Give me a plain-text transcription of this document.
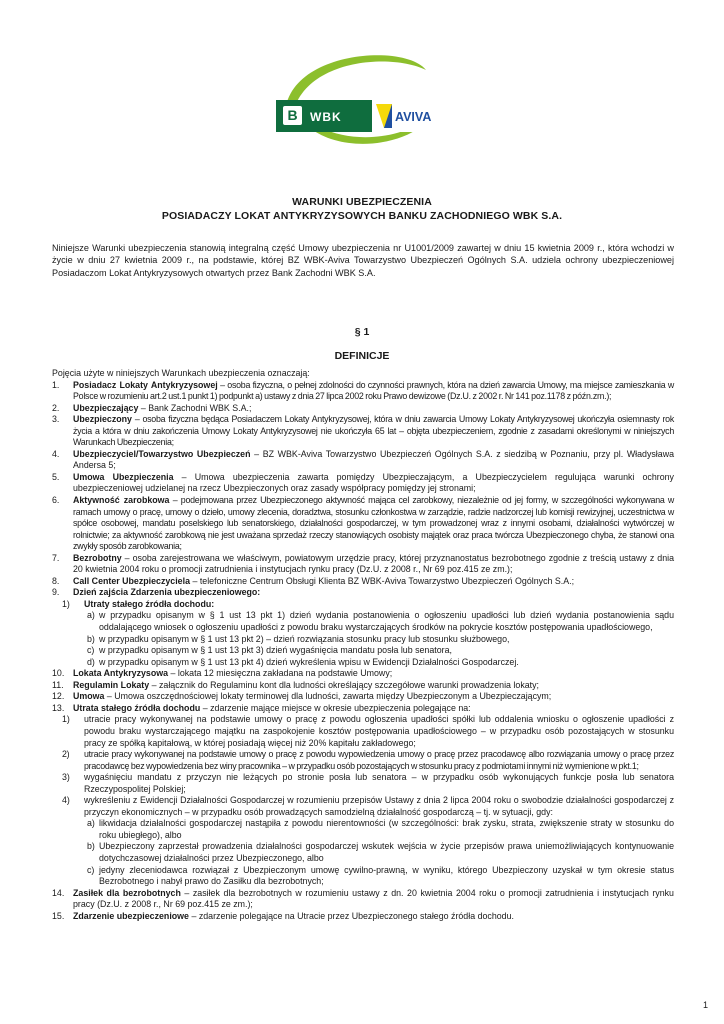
B WBK	AVIVA
WARUNKI UBEZPIECZENIA
POSIADACZY LOKAT ANTYKRYZYSOWYCH BANKU ZACHODNIEGO WBK S.A.

Niniejsze Warunki ubezpieczenia stanowią integralną część Umowy ubezpieczenia nr U1001/2009 zawartej w dniu 15 kwietnia 2009 r., która wchodzi w życie w dniu 27 kwietnia 2009 r., na podstawie, której BZ WBK-Aviva Towarzystwo Ubezpieczeń Ogólnych S.A. udziela ochrony ubezpieczeniowej Posiadaczom Lokat Antykryzysowych otwartych przez Bank Zachodni WBK S.A.

§ 1
DEFINICJE
Pojęcia użyte w niniejszych Warunkach ubezpieczenia oznaczają:
1. Posiadacz Lokaty Antykryzysowej – osoba fizyczna, o pełnej zdolności do czynności prawnych, która na dzień zawarcia Umowy, ma miejsce zamieszkania w Polsce w rozumieniu art.2 ust.1 punkt 1) podpunkt a) ustawy z dnia 27 lipca 2002 roku Prawo dewizowe (Dz.U. z 2002 r. Nr 141 poz.1178 z późn.zm.);
2. Ubezpieczający – Bank Zachodni WBK S.A.;
3. Ubezpieczony – osoba fizyczna będąca Posiadaczem Lokaty Antykryzysowej, która w dniu zawarcia Umowy Lokaty Antykryzysowej ukończyła osiemnasty rok życia a która w dniu zakończenia Umowy Lokaty Antykryzysowej nie ukończyła 65 lat – objęta ubezpieczeniem, zgodnie z zasadami określonymi w niniejszych Warunkach Ubezpieczenia;
4. Ubezpieczyciel/Towarzystwo Ubezpieczeń – BZ WBK-Aviva Towarzystwo Ubezpieczeń Ogólnych S.A. z siedzibą w Poznaniu, przy pl. Władysława Andersa 5;
5. Umowa Ubezpieczenia – Umowa ubezpieczenia zawarta pomiędzy Ubezpieczającym, a Ubezpieczycielem regulująca warunki ochrony ubezpieczeniowej udzielanej na rzecz Ubezpieczonych oraz zasady współpracy pomiędzy jej stronami;
6. Aktywność zarobkowa – podejmowana przez Ubezpieczonego aktywność mająca cel zarobkowy, niezależnie od jej formy, w szczególności wykonywana w ramach umowy o pracę, umowy o dzieło, umowy zlecenia, doradztwa, stosunku członkostwa w zarządzie, radzie nadzorczej lub komisji rewizyjnej, uczestnictwa w spółce osobowej, mandatu poselskiego lub senatorskiego, działalności gospodarczej, w tym prowadzonej wraz z innymi osobami, działalności wytwórczej w rolnictwie; za aktywność zarobkową nie jest uważana sprzedaż rzeczy stanowiących osobisty majątek oraz praca twórcza Ubezpieczonego chyba, że stanowi ona zwykły sposób zarobkowania;
7. Bezrobotny – osoba zarejestrowana we właściwym, powiatowym urzędzie pracy, której przyznanostatus bezrobotnego zgodnie z treścią ustawy z dnia 20 kwietnia 2004 roku o promocji zatrudnienia i instytucjach rynku pracy (Dz.U. z 2008 r., Nr 69 poz.415 ze zm.);
8. Call Center Ubezpieczyciela – telefoniczne Centrum Obsługi Klienta BZ WBK-Aviva Towarzystwo Ubezpieczeń Ogólnych S.A.;
9. Dzień zajścia Zdarzenia ubezpieczeniowego:
1) Utraty stałego źródła dochodu:
a) w przypadku opisanym w § 1 ust 13 pkt 1) dzień wydania postanowienia o ogłoszeniu upadłości lub dzień wydania postanowienia sądu oddalającego wniosek o ogłoszeniu upadłości z powodu braku wystarczających środków na pokrycie kosztów postępowania upadłościowego,
b) w przypadku opisanym w § 1 ust 13 pkt 2) – dzień rozwiązania stosunku pracy lub stosunku służbowego,
c) w przypadku opisanym w § 1 ust 13 pkt 3) dzień wygaśnięcia mandatu posła lub senatora,
d) w przypadku opisanym w § 1 ust 13 pkt 4) dzień wykreślenia wpisu w Ewidencji Działalności Gospodarczej.
10. Lokata Antykryzysowa – lokata 12 miesięczna zakładana na podstawie Umowy;
11. Regulamin Lokaty – załącznik do Regulaminu kont dla ludności określający szczegółowe warunki prowadzenia lokaty;
12. Umowa – Umowa oszczędnościowej lokaty terminowej dla ludności, zawarta między Ubezpieczonym a Ubezpieczającym;
13. Utrata stałego źródła dochodu – zdarzenie mające miejsce w okresie ubezpieczenia polegające na:
1) utracie pracy wykonywanej na podstawie umowy o pracę z powodu ogłoszenia upadłości spółki lub oddalenia wniosku o ogłoszenie upadłości z powodu braku wystarczającego majątku na zaspokojenie kosztów postępowania upadłościowego – w przypadku osób pozostających w stosunku pracy ze spółką kapitałową, w której posiadają więcej niż 20% kapitału zakładowego;
2) utracie pracy wykonywanej na podstawie umowy o pracę z powodu wypowiedzenia umowy o pracę przez pracodawcę albo rozwiązania umowy o pracę przez pracodawcę bez wypowiedzenia bez winy pracownika – w przypadku osób pozostających w stosunku pracy z podmiotami innymi niż wymienione w pkt.1;
3) wygaśnięciu mandatu z przyczyn nie leżących po stronie posła lub senatora – w przypadku osób wykonujących funkcje posła lub senatora Rzeczypospolitej Polskiej;
4) wykreśleniu z Ewidencji Działalności Gospodarczej w rozumieniu przepisów Ustawy z dnia 2 lipca 2004 roku o swobodzie działalności gospodarczej z przyczyn ekonomicznych – w przypadku osób prowadzących samodzielną działalność gospodarczą – tj. w sytuacji, gdy:
a) likwidacja działalności gospodarczej nastąpiła z powodu nierentowności (w szczególności: brak zysku, strata, zwiększenie straty w stosunku do roku ubiegłego), albo
b) Ubezpieczony zaprzestał prowadzenia działalności gospodarczej wskutek wejścia w życie przepisów prawa uniemożliwiających kontynuowanie dotychczasowej działalności przez Ubezpieczonego, albo
c) jedyny zleceniodawca rozwiązał z Ubezpieczonym umowę cywilno-prawną, w wyniku, którego Ubezpieczony uzyskał w tym okresie status Bezrobotnego i nabył prawo do Zasiłku dla bezrobotnych;
14. Zasiłek dla bezrobotnych – zasiłek dla bezrobotnych w rozumieniu ustawy z dn. 20 kwietnia 2004 roku o promocji zatrudnienia i instytucjach rynku pracy (Dz.U. z 2008 r., Nr 69 poz.415 ze zm.);
15. Zdarzenie ubezpieczeniowe – zdarzenie polegające na Utracie przez Ubezpieczonego stałego źródła dochodu.
1
